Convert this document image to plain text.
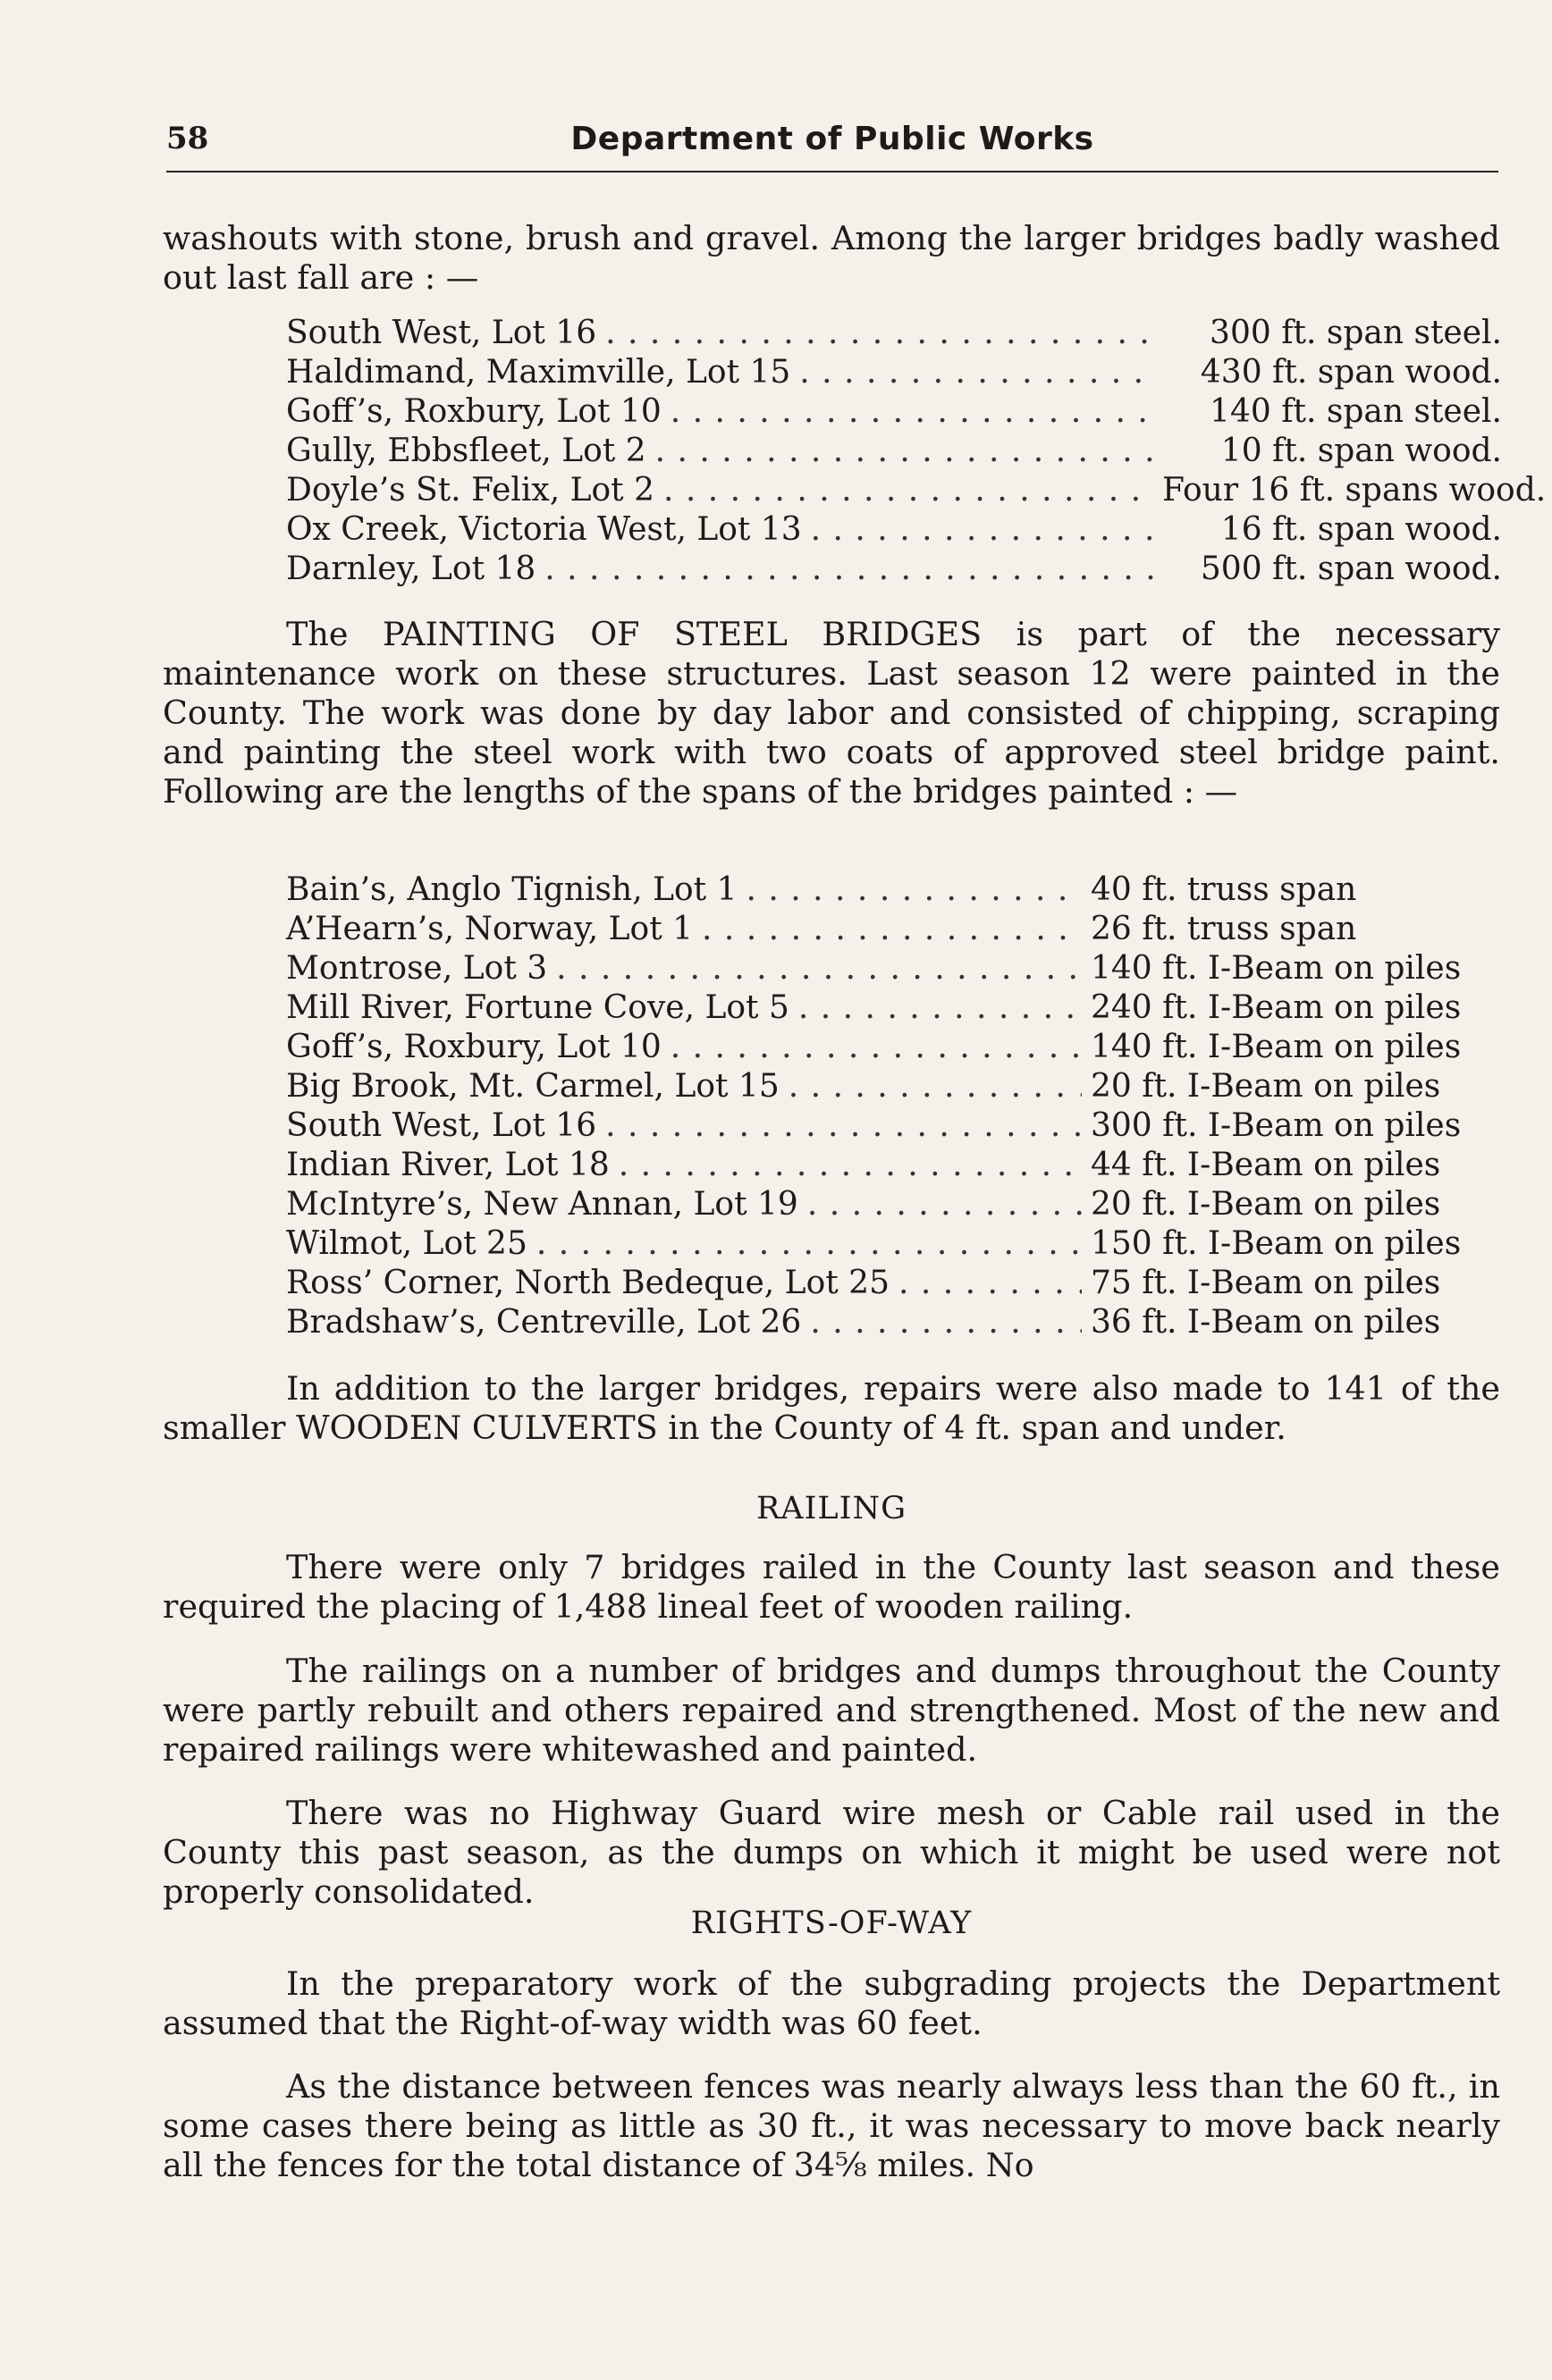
58	Department of Public Works
washouts with stone, brush and gravel. Among the larger bridges badly washed out last fall are : —
South West, Lot 16 . . .	300 ft. span steel.
Haldimand, Maximville, Lot 15 . . .	430 ft. span wood.
Goff’s, Roxbury, Lot 10 . . .	140 ft. span steel.
Gully, Ebbsfleet, Lot 2 . . .	10 ft. span wood.
Doyle’s St. Felix, Lot 2 . . .	Four 16 ft. spans wood.
Ox Creek, Victoria West, Lot 13 . . .	16 ft. span wood.
Darnley, Lot 18 . . .	500 ft. span wood.
The PAINTING OF STEEL BRIDGES is part of the necessary maintenance work on these structures. Last season 12 were painted in the County. The work was done by day labor and consisted of chipping, scraping and painting the steel work with two coats of approved steel bridge paint. Following are the lengths of the spans of the bridges painted : —
Bain’s, Anglo Tignish, Lot 1 . . .	40 ft. truss span
A’Hearn’s, Norway, Lot 1 . . .	26 ft. truss span
Montrose, Lot 3 . . .	140 ft. I-Beam on piles
Mill River, Fortune Cove, Lot 5 . . .	240 ft. I-Beam on piles
Goff’s, Roxbury, Lot 10 . . .	140 ft. I-Beam on piles
Big Brook, Mt. Carmel, Lot 15 . . .	20 ft. I-Beam on piles
South West, Lot 16 . . .	300 ft. I-Beam on piles
Indian River, Lot 18 . . .	44 ft. I-Beam on piles
McIntyre’s, New Annan, Lot 19 . . .	20 ft. I-Beam on piles
Wilmot, Lot 25 . . .	150 ft. I-Beam on piles
Ross’ Corner, North Bedeque, Lot 25 . . .	75 ft. I-Beam on piles
Bradshaw’s, Centreville, Lot 26 . . .	36 ft. I-Beam on piles
In addition to the larger bridges, repairs were also made to 141 of the smaller WOODEN CULVERTS in the County of 4 ft. span and under.
RAILING
There were only 7 bridges railed in the County last season and these required the placing of 1,488 lineal feet of wooden railing.
The railings on a number of bridges and dumps throughout the County were partly rebuilt and others repaired and strengthened. Most of the new and repaired railings were whitewashed and painted.
There was no Highway Guard wire mesh or Cable rail used in the County this past season, as the dumps on which it might be used were not properly consolidated.
RIGHTS-OF-WAY
In the preparatory work of the subgrading projects the Department assumed that the Right-of-way width was 60 feet.
As the distance between fences was nearly always less than the 60 ft., in some cases there being as little as 30 ft., it was necessary to move back nearly all the fences for the total distance of 34⅝ miles. No
